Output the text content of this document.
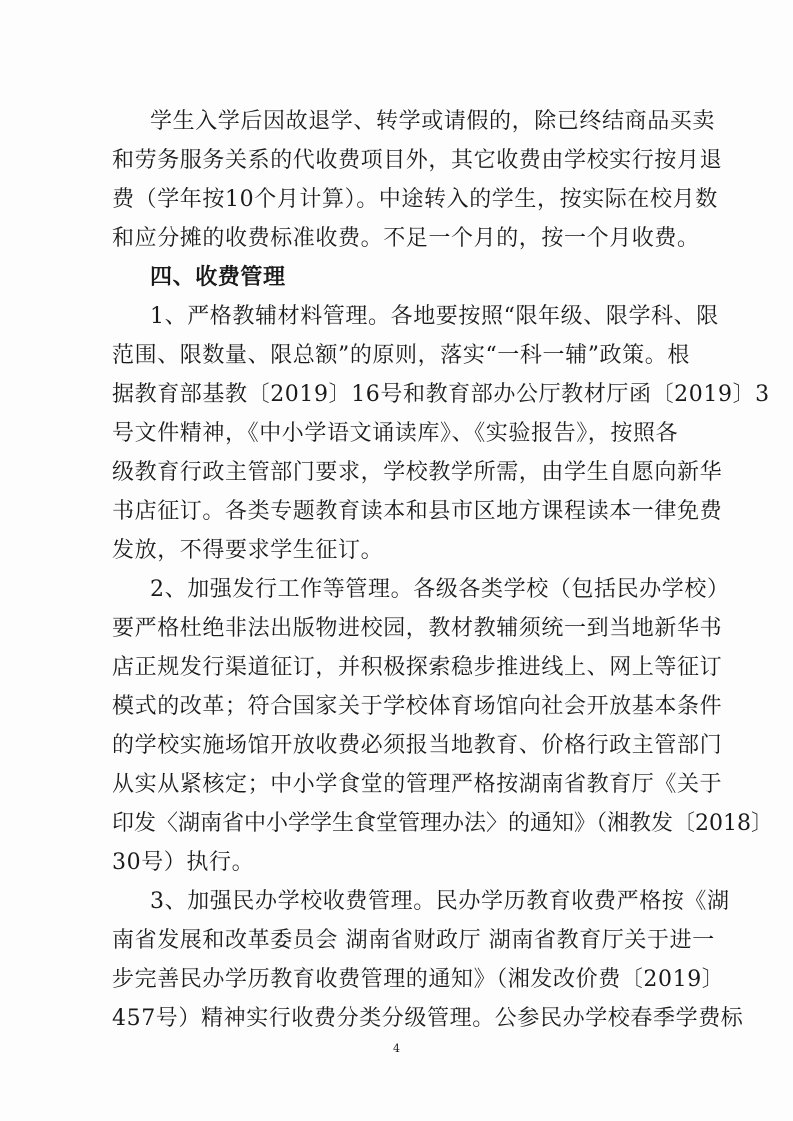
学生入学后因故退学、转学或请假的，除已终结商品买卖
和劳务服务关系的代收费项目外，其它收费由学校实行按月退
费（学年按10个月计算）。中途转入的学生，按实际在校月数
和应分摊的收费标准收费。不足一个月的，按一个月收费。
四、收费管理
1、严格教辅材料管理。各地要按照“限年级、限学科、限
范围、限数量、限总额”的原则，落实“一科一辅”政策。根
据教育部基教〔2019〕16号和教育部办公厅教材厅函〔2019〕3
号文件精神，《中小学语文诵读库》、《实验报告》，按照各
级教育行政主管部门要求，学校教学所需，由学生自愿向新华
书店征订。各类专题教育读本和县市区地方课程读本一律免费
发放，不得要求学生征订。
2、加强发行工作等管理。各级各类学校（包括民办学校）
要严格杜绝非法出版物进校园，教材教辅须统一到当地新华书
店正规发行渠道征订，并积极探索稳步推进线上、网上等征订
模式的改革；符合国家关于学校体育场馆向社会开放基本条件
的学校实施场馆开放收费必须报当地教育、价格行政主管部门
从实从紧核定；中小学食堂的管理严格按湖南省教育厅《关于
印发〈湖南省中小学学生食堂管理办法〉的通知》（湘教发〔2018〕
30号）执行。
3、加强民办学校收费管理。民办学历教育收费严格按《湖
南省发展和改革委员会 湖南省财政厅 湖南省教育厅关于进一
步完善民办学历教育收费管理的通知》（湘发改价费〔2019〕
457号）精神实行收费分类分级管理。公参民办学校春季学费标
4
